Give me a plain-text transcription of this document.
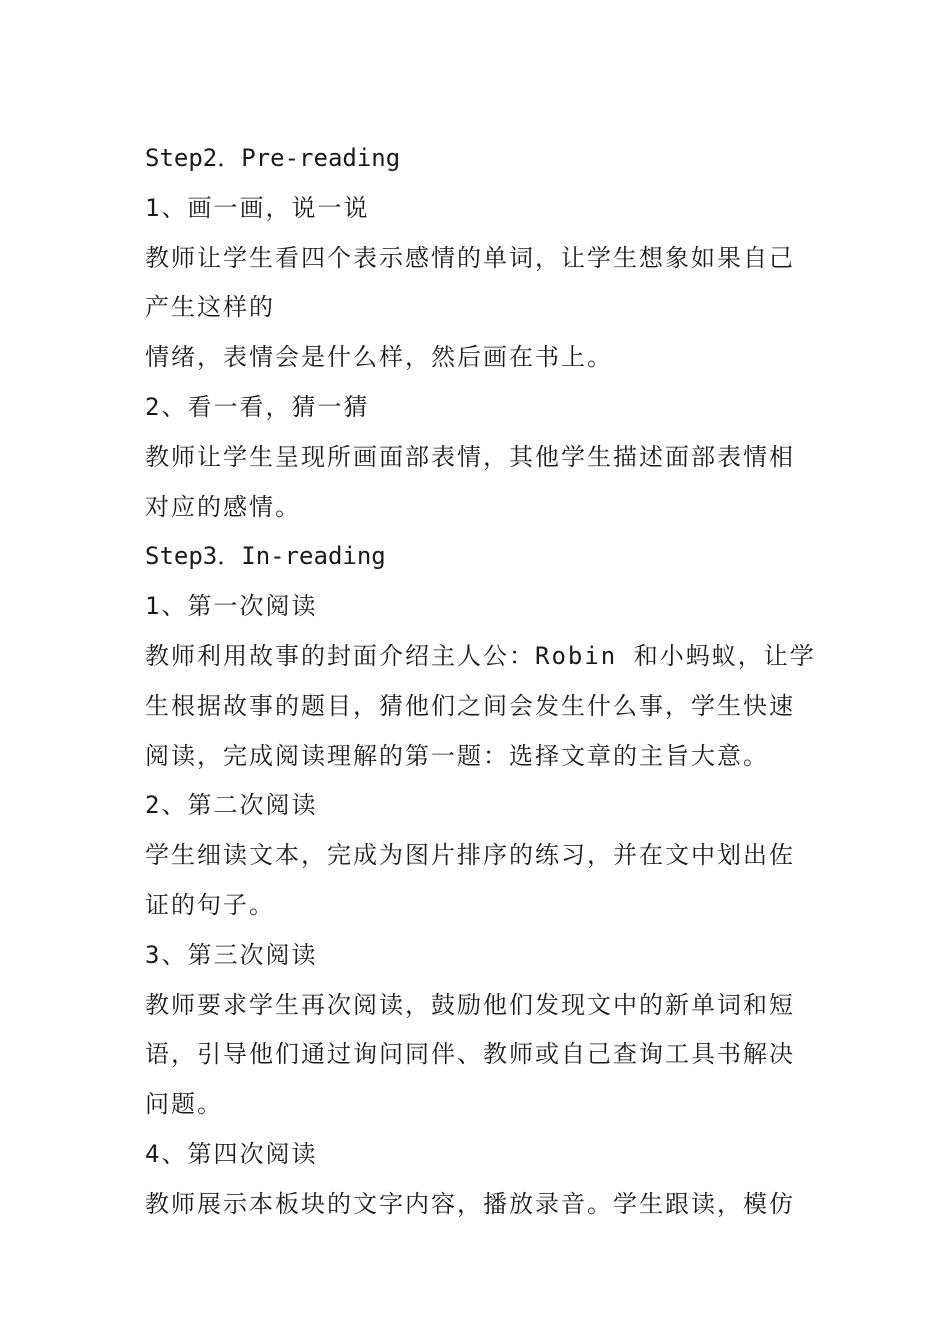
Step2．Pre-reading
1、画一画，说一说
教师让学生看四个表示感情的单词，让学生想象如果自己
产生这样的
情绪，表情会是什么样，然后画在书上。
2、看一看，猜一猜
教师让学生呈现所画面部表情，其他学生描述面部表情相
对应的感情。
Step3．In-reading
1、第一次阅读
教师利用故事的封面介绍主人公：Robin 和小蚂蚁，让学
生根据故事的题目，猜他们之间会发生什么事，学生快速
阅读，完成阅读理解的第一题：选择文章的主旨大意。
2、第二次阅读
学生细读文本，完成为图片排序的练习，并在文中划出佐
证的句子。
3、第三次阅读
教师要求学生再次阅读，鼓励他们发现文中的新单词和短
语，引导他们通过询问同伴、教师或自己查询工具书解决
问题。
4、第四次阅读
教师展示本板块的文字内容，播放录音。学生跟读，模仿
